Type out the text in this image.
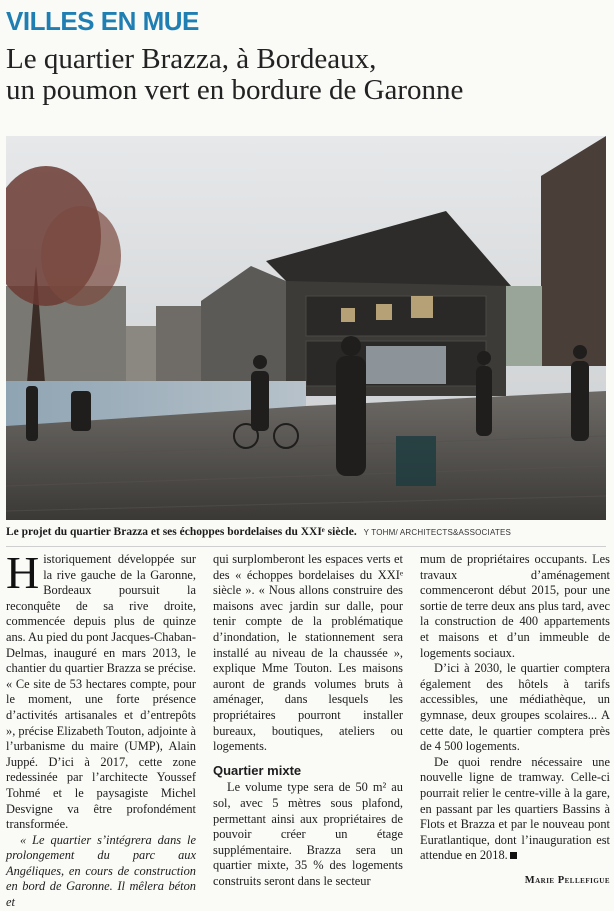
VILLES EN MUE
Le quartier Brazza, à Bordeaux,
un poumon vert en bordure de Garonne
Le projet du quartier Brazza et ses échoppes bordelaises du XXIᵉ siècle. Y TOHM/ ARCHITECTS&ASSOCIATES

Historiquement développée sur la rive gauche de la Garonne, Bordeaux poursuit la reconquête de sa rive droite, commencée depuis plus de quinze ans. Au pied du pont Jacques-Chaban-Delmas, inauguré en mars 2013, le chantier du quartier Brazza se précise. « Ce site de 53 hectares compte, pour le moment, une forte présence d’activités artisanales et d’entrepôts », précise Elizabeth Touton, adjointe à l’urbanisme du maire (UMP), Alain Juppé. D’ici à 2017, cette zone redessinée par l’architecte Youssef Tohmé et le paysagiste Michel Desvigne va être profondément transformée.

« Le quartier s’intégrera dans le prolongement du parc aux Angéliques, en cours de construction en bord de Garonne. Il mêlera béton et

qui surplomberont les espaces verts et des « échoppes bordelaises du XXIᵉ siècle ». « Nous allons construire des maisons avec jardin sur dalle, pour tenir compte de la problématique d’inondation, le stationnement sera installé au niveau de la chaussée », explique Mme Touton. Les maisons auront de grands volumes bruts à aménager, dans lesquels les propriétaires pourront installer bureaux, boutiques, ateliers ou logements.

Quartier mixte

Le volume type sera de 50 m² au sol, avec 5 mètres sous plafond, permettant ainsi aux propriétaires de pouvoir créer un étage supplémentaire. Brazza sera un quartier mixte, 35 % des logements construits seront dans le secteur

mum de propriétaires occupants. Les travaux d’aménagement commenceront début 2015, pour une sortie de terre deux ans plus tard, avec la construction de 400 appartements et maisons et d’un immeuble de logements sociaux.

D’ici à 2030, le quartier comptera également des hôtels à tarifs accessibles, une médiathèque, un gymnase, deux groupes scolaires... A cette date, le quartier comptera près de 4 500 logements.

De quoi rendre nécessaire une nouvelle ligne de tramway. Celle-ci pourrait relier le centre-ville à la gare, en passant par les quartiers Bassins à Flots et Brazza et par le nouveau pont Euratlantique, dont l’inauguration est attendue en 2018.

Marie Pellefigue
